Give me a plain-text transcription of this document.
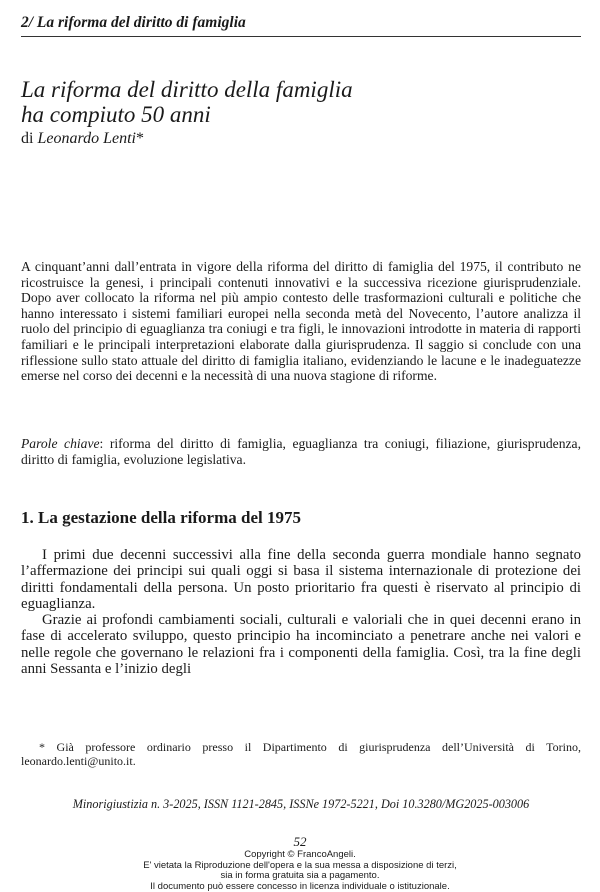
2/ La riforma del diritto di famiglia
La riforma del diritto della famiglia
ha compiuto 50 anni
di Leonardo Lenti*

A cinquant’anni dall’entrata in vigore della riforma del diritto di famiglia del 1975, il contributo ne ricostruisce la genesi, i principali contenuti innovativi e la successiva ricezione giurisprudenziale. Dopo aver collocato la riforma nel più ampio contesto delle trasformazioni culturali e politiche che hanno interessato i sistemi familiari europei nella seconda metà del Novecento, l’autore analizza il ruolo del principio di eguaglianza tra coniugi e tra figli, le innovazioni introdotte in materia di rapporti familiari e le principali interpretazioni elaborate dalla giurisprudenza. Il saggio si conclude con una riflessione sullo stato attuale del diritto di famiglia italiano, evidenziando le lacune e le inadeguatezze emerse nel corso dei decenni e la necessità di una nuova stagione di riforme.

Parole chiave: riforma del diritto di famiglia, eguaglianza tra coniugi, filiazione, giurisprudenza, diritto di famiglia, evoluzione legislativa.

1. La gestazione della riforma del 1975

I primi due decenni successivi alla fine della seconda guerra mondiale hanno segnato l’affermazione dei principi sui quali oggi si basa il sistema internazionale di protezione dei diritti fondamentali della persona. Un posto prioritario fra questi è riservato al principio di eguaglianza.

Grazie ai profondi cambiamenti sociali, culturali e valoriali che in quei decenni erano in fase di accelerato sviluppo, questo principio ha incominciato a penetrare anche nei valori e nelle regole che governano le relazioni fra i componenti della famiglia. Così, tra la fine degli anni Sessanta e l’inizio degli

* Già professore ordinario presso il Dipartimento di giurisprudenza dell’Università di Torino, leonardo.lenti@unito.it.

Minorigiustizia n. 3-2025, ISSN 1121-2845, ISSNe 1972-5221, Doi 10.3280/MG2025-003006
52
Copyright © FrancoAngeli.
E' vietata la Riproduzione dell'opera e la sua messa a disposizione di terzi,
sia in forma gratuita sia a pagamento.
Il documento può essere concesso in licenza individuale o istituzionale.
